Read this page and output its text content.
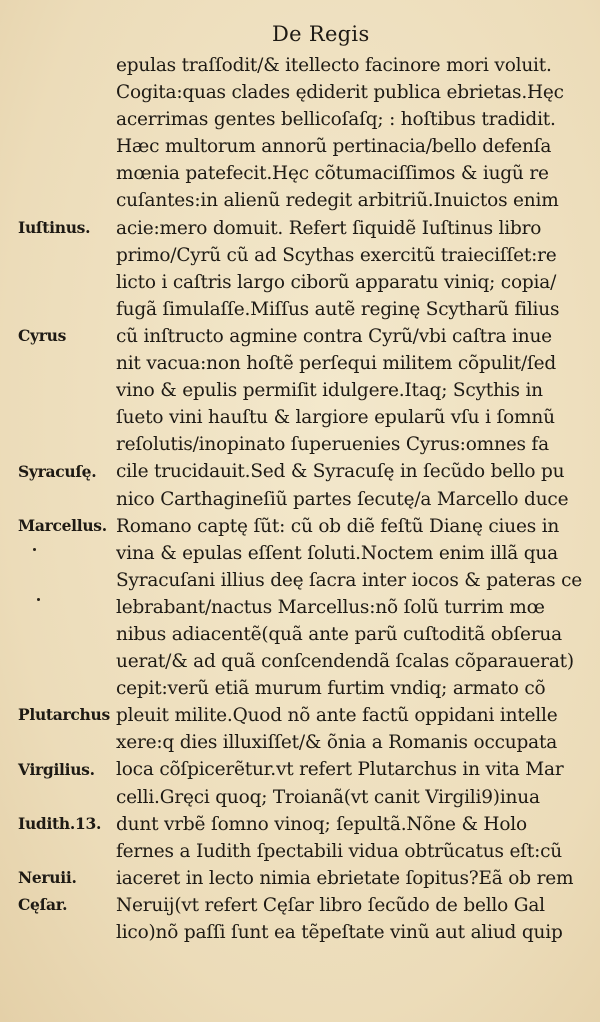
De Regis
epulas traſſodit/& itellecto facinore mori voluit.
Cogita:quas clades ędiderit publica ebrietas.Hęc
acerrimas gentes bellicoſaſq; : hoſtibus tradidit.
Hæc multorum annorũ pertinacia/bello defenſa
mœnia patefecit.Hęc cõtumaciſſimos & iugũ re
cuſantes:in alienũ redegit arbitriũ.Inuictos enim
acie:mero domuit. Refert ſiquidẽ Iuſtinus libro
primo/Cyrũ cũ ad Scythas exercitũ traieciſſet:re
licto i caſtris largo ciborũ apparatu viniq; copia/
fugã ſimulaſſe.Miſſus autẽ reginę Scytharũ filius
cũ inſtructo agmine contra Cyrũ/vbi caſtra inue
nit vacua:non hoſtẽ perſequi militem cõpulit/ſed
vino & epulis permiſit idulgere.Itaq; Scythis in
ſueto vini hauſtu & largiore epularũ vſu i ſomnũ
reſolutis/inopinato ſuperuenies Cyrus:omnes fa
cile trucidauit.Sed & Syracuſę in ſecũdo bello pu
nico Carthagineſiũ partes ſecutę/a Marcello duce
Romano captę ſũt: cũ ob diẽ feſtũ Dianę ciues in
vina & epulas eſſent ſoluti.Noctem enim illã qua
Syracuſani illius deę ſacra inter iocos & pateras ce
lebrabant/nactus Marcellus:nõ ſolũ turrim mœ
nibus adiacentẽ(quã ante parũ cuſtoditã obſerua
uerat/& ad quã conſcendendã ſcalas cõparauerat)
cepit:verũ etiã murum furtim vndiq; armato cõ
pleuit milite.Quod nõ ante factũ oppidani intelle
xere:q dies illuxiſſet/& õnia a Romanis occupata
loca cõſpicerẽtur.vt refert Plutarchus in vita Mar
celli.Gręci quoq; Troianã(vt canit Virgili9)inua
dunt vrbẽ ſomno vinoq; ſepultã.Nõne & Holo
fernes a Iudith ſpectabili vidua obtrũcatus eſt:cũ
iaceret in lecto nimia ebrietate ſopitus?Eã ob rem
Neruij(vt refert Cęſar libro ſecũdo de bello Gal
lico)nõ paſſi ſunt ea tẽpeſtate vinũ aut aliud quip
Iuſtinus.
Cyrus
Syracuſę.
Marcellus.
Plutarchus
Virgilius.
Iudith.13.
Neruii.
Cęſar.
